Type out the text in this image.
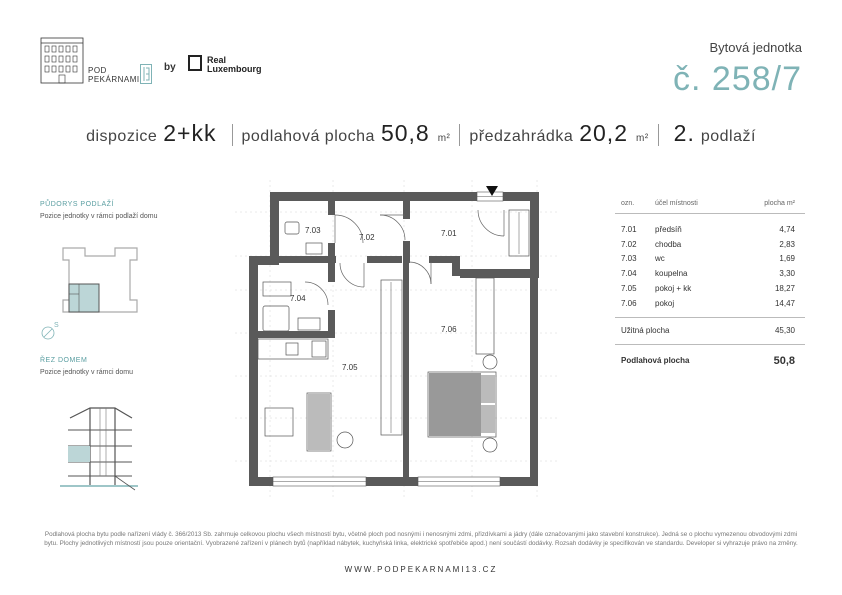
POD
PEKÁRNAMI
by
Real
Luxembourg
Bytová jednotka
č. 258/7
dispozice 2+kk podlahová plocha 50,8 m² předzahrádka 20,2 m² 2. podlaží
PŮDORYS PODLAŽÍ
Pozice jednotky v rámci podlaží domu
S
ŘEZ DOMEM
Pozice jednotky v rámci domu
7.03
7.02	7.01
7.04
7.05
7.06
ozn.	účel místnosti	plocha m²
7.01	předsíň	4,74
7.02	chodba	2,83
7.03	wc	1,69
7.04	koupelna	3,30
7.05	pokoj + kk	18,27
7.06	pokoj	14,47
Užitná plocha	45,30
Podlahová plocha	50,8
Podlahová plocha bytu podle nařízení vlády č. 366/2013 Sb. zahrnuje celkovou plochu všech místností bytu, včetně ploch pod nosnými i nenosnými zdmi, přizdívkami a jádry (dále označovanými jako stavební konstrukce). Jedná se o plochu vymezenou obvodovými zdmi bytu. Plochy jednotlivých místností jsou pouze orientační. Vyobrazené zařízení v plánech bytů (například nábytek, kuchyňská linka, elektrické spotřebiče apod.) není součástí dodávky. Rozsah dodávky je specifikován ve standardu. Developer si vyhrazuje právo na změny.
WWW.PODPEKARNAMI13.CZ
